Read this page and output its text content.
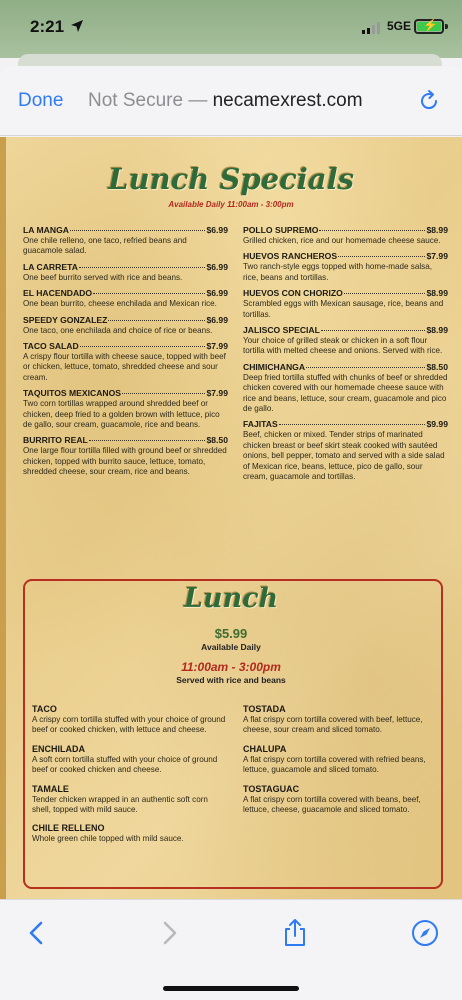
2:21	5GE ⚡
Done Not Secure — necamexrest.com
Lunch Specials
Available Daily 11:00am - 3:00pm
LA MANGA	$6.99
One chile relleno, one taco, refried beans and guacamole salad.
LA CARRETA	$6.99
One beef burrito served with rice and beans.
EL HACENDADO	$6.99
One bean burrito, cheese enchilada and Mexican rice.
SPEEDY GONZALEZ	$6.99
One taco, one enchilada and choice of rice or beans.
TACO SALAD	$7.99
A crispy flour tortilla with cheese sauce, topped with beef or chicken, lettuce, tomato, shredded cheese and sour cream.
TAQUITOS MEXICANOS	$7.99
Two corn tortillas wrapped around shredded beef or chicken, deep fried to a golden brown with lettuce, pico de gallo, sour cream, guacamole, rice and beans.
BURRITO REAL	$8.50
One large flour tortilla filled with ground beef or shredded chicken, topped with burrito sauce, lettuce, tomato, shredded cheese, sour cream, rice and beans.
POLLO SUPREMO	$8.99
Grilled chicken, rice and our homemade cheese sauce.
HUEVOS RANCHEROS	$7.99
Two ranch-style eggs topped with home-made salsa, rice, beans and tortillas.
HUEVOS CON CHORIZO	$8.99
Scrambled eggs with Mexican sausage, rice, beans and tortillas.
JALISCO SPECIAL	$8.99
Your choice of grilled steak or chicken in a soft flour tortilla with melted cheese and onions. Served with rice.
CHIMICHANGA	$8.50
Deep fried tortilla stuffed with chunks of beef or shredded chicken covered with our homemade cheese sauce with rice and beans, lettuce, sour cream, guacamole and pico de gallo.
FAJITAS	$9.99
Beef, chicken or mixed. Tender strips of marinated chicken breast or beef skirt steak cooked with sautéed onions, bell pepper, tomato and served with a side salad of Mexican rice, beans, lettuce, pico de gallo, sour cream, guacamole and tortillas.
Lunch
$5.99
Available Daily
11:00am - 3:00pm
Served with rice and beans
TACO
A crispy corn tortilla stuffed with your choice of ground beef or cooked chicken, with lettuce and cheese.
ENCHILADA
A soft corn tortilla stuffed with your choice of ground beef or cooked chicken and cheese.
TAMALE
Tender chicken wrapped in an authentic soft corn shell, topped with mild sauce.
CHILE RELLENO
Whole green chile topped with mild sauce.
TOSTADA
A flat crispy corn tortilla covered with beef, lettuce, cheese, sour cream and sliced tomato.
CHALUPA
A flat crispy corn tortilla covered with refried beans, lettuce, guacamole and sliced tomato.
TOSTAGUAC
A flat crispy corn tortilla covered with beans, beef, lettuce, cheese, guacamole and sliced tomato.
